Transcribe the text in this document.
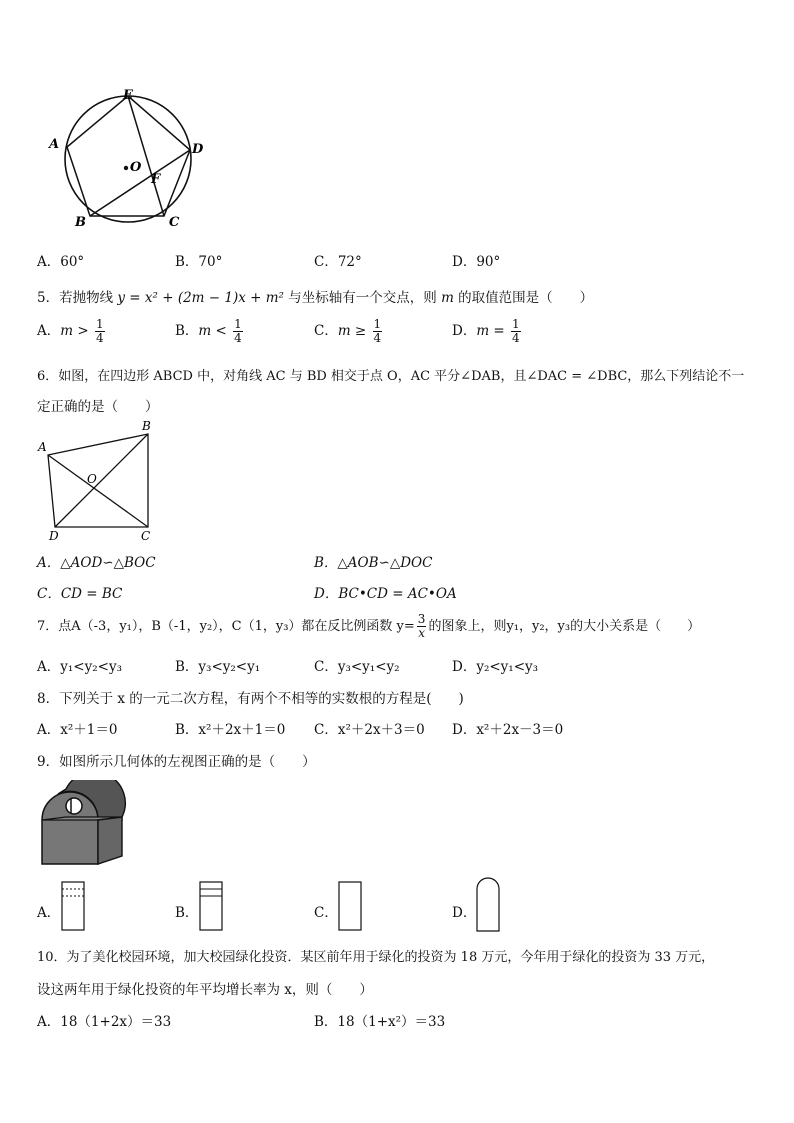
E
A	D
O
F
B	C
A．60°	B．70°	C．72°	D．90°
5．若抛物线 y = x² + (2m − 1)x + m² 与坐标轴有一个交点，则 m 的取值范围是（　　）
A．$m > \frac{1}{4}$	B．$m < \frac{1}{4}$	C．$m \ge \frac{1}{4}$	D．$m = \frac{1}{4}$
6．如图，在四边形 ABCD 中，对角线 AC 与 BD 相交于点 O，AC 平分∠DAB，且∠DAC = ∠DBC，那么下列结论不一
定正确的是（　　）
A
B
O
D	C
A．△AOD∽△BOC	B．△AOB∽△DOC
C．CD = BC	D．BC•CD = AC•OA
7．点A（-3，y₁），B（-1，y₂），C（1，y₃）都在反比例函数 $y= \frac{3}{x}$ 的图象上，则y₁，y₂，y₃的大小关系是（　　）
A．y₁<y₂<y₃	B．y₃<y₂<y₁	C．y₃<y₁<y₂	D．y₂<y₁<y₃
8．下列关于 x 的一元二次方程，有两个不相等的实数根的方程是(　　)
A．x²＋1＝0	B．x²＋2x＋1＝0 C．x²＋2x＋3＝0 D．x²＋2x－3＝0
9．如图所示几何体的左视图正确的是（　　）
A．	B．	C．	D．
10．为了美化校园环境，加大校园绿化投资．某区前年用于绿化的投资为 18 万元，今年用于绿化的投资为 33 万元，
设这两年用于绿化投资的年平均增长率为 x，则（　　）
A．18（1+2x）＝33	B．18（1+x²）＝33
